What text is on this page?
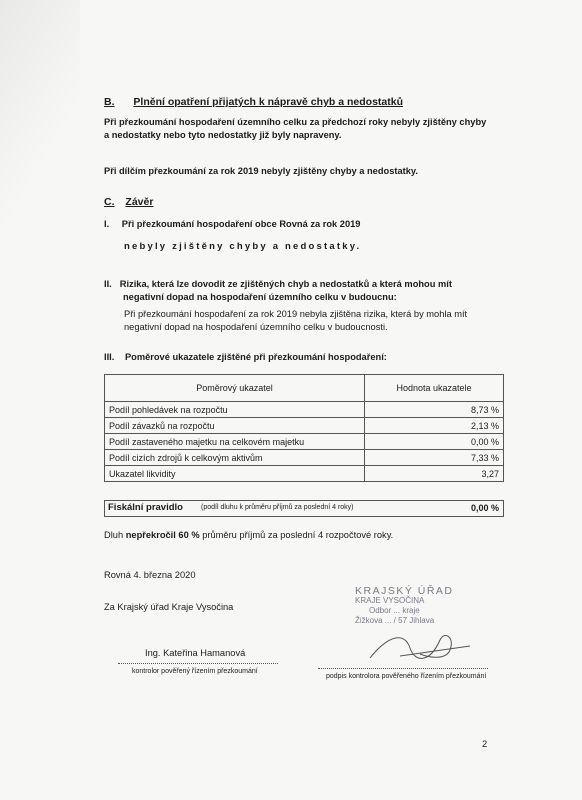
B. Plnění opatření přijatých k nápravě chyb a nedostatků
Při přezkoumání hospodaření územního celku za předchozí roky nebyly zjištěny chyby
a nedostatky nebo tyto nedostatky již byly napraveny.
Při dílčím přezkoumání za rok 2019 nebyly zjištěny chyby a nedostatky.
C. Závěr
I. Při přezkoumání hospodaření obce Rovná za rok 2019
nebyly zjištěny chyby a nedostatky.
II. Rizika, která lze dovodit ze zjištěných chyb a nedostatků a která mohou mít
negativní dopad na hospodaření územního celku v budoucnu:
Při přezkoumání hospodaření za rok 2019 nebyla zjištěna rizika, která by mohla mít
negativní dopad na hospodaření územního celku v budoucnosti.
III. Poměrové ukazatele zjištěné při přezkoumání hospodaření:
Poměrový ukazatel	Hodnota ukazatele
Podíl pohledávek na rozpočtu	8,73 %
Podíl závazků na rozpočtu	2,13 %
Podíl zastaveného majetku na celkovém majetku	0,00 %
Podíl cizích zdrojů k celkovým aktivům	7,33 %
Ukazatel likvidity	3,27
Fiskální pravidlo	(podíl dluhu k průměru příjmů za poslední 4 roky)	0,00 %
Dluh nepřekročil 60 % průměru příjmů za poslední 4 rozpočtové roky.
Rovná 4. března 2020
Za Krajský úřad Kraje Vysočina
Ing. Kateřina Hamanová
kontrolor pověřený řízením přezkoumání
podpis kontrolora pověřeného řízením přezkoumání
KRAJSKÝ ÚŘAD
KRAJE VYSOČINA
Odbor ... kraje
Žižkova ... / 57 Jihlava
2
